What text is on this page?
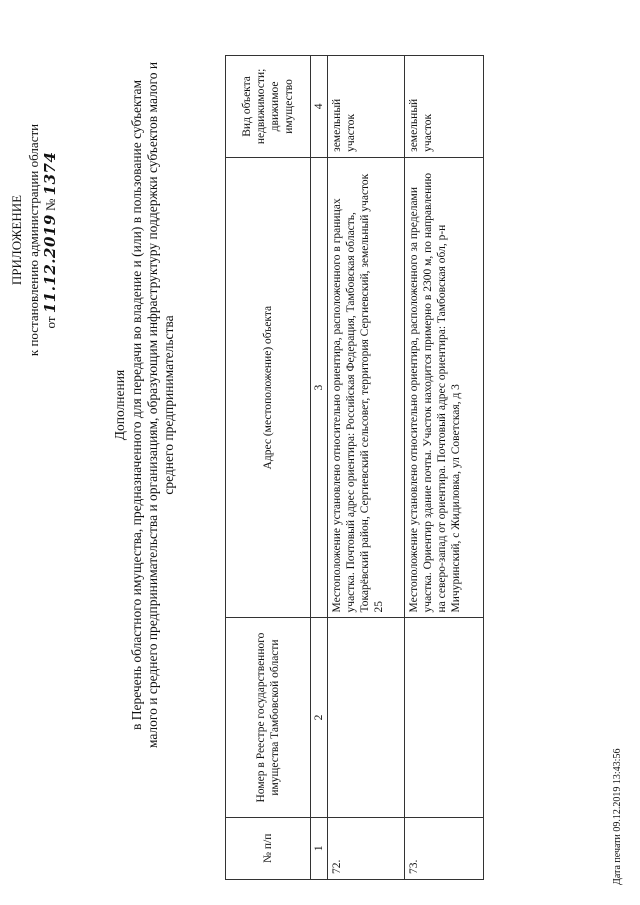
ПРИЛОЖЕНИЕ к постановлению администрации области от 11.12.2019 № 1374
Дополнения в Перечень областного имущества, предназначенного для передачи во владение и (или) в пользование субъектам малого и среднего предпринимательства и организациям, образующим инфраструктуру поддержки субъектов малого и среднего предпринимательства
№ п/п	Номер в Реестре государственного имущества Тамбовской области	Адрес (местоположение) объекта	Вид объекта недвижимости; движимое имущество
1	2	3	4
72.		Местоположение установлено относительно ориентира, расположенного в границах участка. Почтовый адрес ориентира: Российская Федерация, Тамбовская область, Токарёвский район, Сергиевский сельсовет, территория Сергиевский, земельный участок 25	земельный участок
73.		Местоположение установлено относительно ориентира, расположенного за пределами участка. Ориентир здание почты. Участок находится примерно в 2300 м, по направлению на северо-запад от ориентира. Почтовый адрес ориентира: Тамбовская обл, р-н Мичуринский, с Жидиловка, ул Советская, д 3	земельный участок
Дата печати 09.12.2019 13:43:56
